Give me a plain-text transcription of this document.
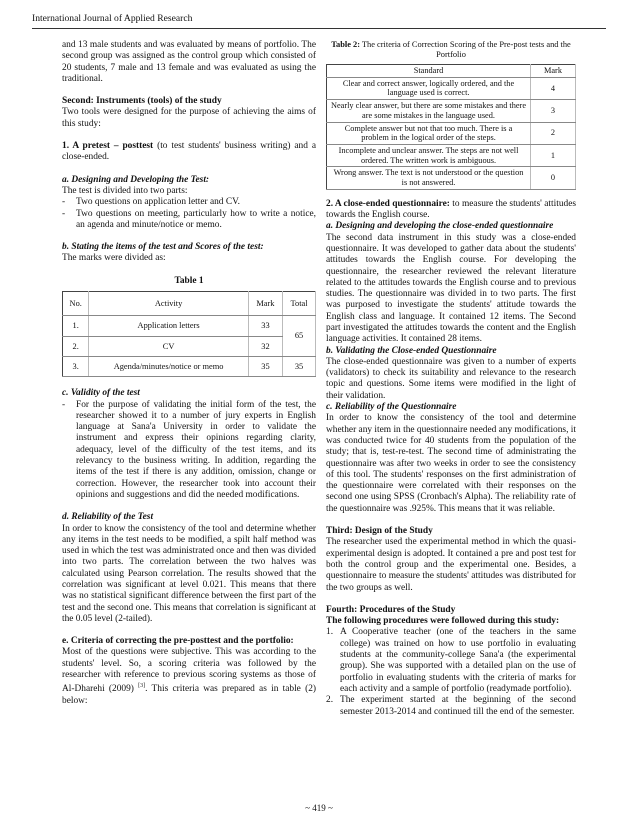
International Journal of Applied Research

and 13 male students and was evaluated by means of portfolio. The second group was assigned as the control group which consisted of 20 students, 7 male and 13 female and was evaluated as using the traditional.

Second: Instruments (tools) of the study

Two tools were designed for the purpose of achieving the aims of this study:

1. A pretest – posttest (to test students' business writing) and a close-ended.

a. Designing and Developing the Test:

The test is divided into two parts:

- Two questions on application letter and CV.
- Two questions on meeting, particularly how to write a notice, an agenda and minute/notice or memo.

b. Stating the items of the test and Scores of the test:

The marks were divided as:

Table 1
No.	Activity	Mark	Total
1.	Application letters	33	65
2.	CV	32	
3.	Agenda/minutes/notice or memo	35	35

c. Validity of the test

- For the purpose of validating the initial form of the test, the researcher showed it to a number of jury experts in English language at Sana'a University in order to validate the instrument and express their opinions regarding clarity, adequacy, level of the difficulty of the test items, and its relevancy to the business writing. In addition, regarding the items of the test if there is any addition, omission, change or correction. However, the researcher took into account their opinions and suggestions and did the needed modifications.

d. Reliability of the Test

In order to know the consistency of the tool and determine whether any items in the test needs to be modified, a spilt half method was used in which the test was administrated once and then was divided into two parts. The correlation between the two halves was calculated using Pearson correlation. The results showed that the correlation was significant at level 0.021. This means that there was no statistical significant difference between the first part of the test and the second one. This means that correlation is significant at the 0.05 level (2-tailed).

e. Criteria of correcting the pre-posttest and the portfolio:

Most of the questions were subjective. This was according to the students' level. So, a scoring criteria was followed by the researcher with reference to previous scoring systems as those of Al-Dharehi (2009) [3]. This criteria was prepared as in table (2) below:

Table 2: The criteria of Correction Scoring of the Pre-post tests and the Portfolio
Standard	Mark
Clear and correct answer, logically ordered, and the language used is correct.	4
Nearly clear answer, but there are some mistakes and there are some mistakes in the language used.	3
Complete answer but not that too much. There is a problem in the logical order of the steps.	2
Incomplete and unclear answer. The steps are not well ordered. The written work is ambiguous.	1
Wrong answer. The text is not understood or the question is not answered.	0

2. A close-ended questionnaire: to measure the students' attitudes towards the English course.

a. Designing and developing the close-ended questionnaire

The second data instrument in this study was a close-ended questionnaire. It was developed to gather data about the students' attitudes towards the English course. For developing the questionnaire, the researcher reviewed the relevant literature related to the attitudes towards the English course and to previous studies. The questionnaire was divided in to two parts. The first was purposed to investigate the students' attitude towards the English class and language. It contained 12 items. The Second part investigated the attitudes towards the content and the English language activities. It contained 28 items.

b. Validating the Close-ended Questionnaire

The close-ended questionnaire was given to a number of experts (validators) to check its suitability and relevance to the research topic and questions. Some items were modified in the light of their validation.

c. Reliability of the Questionnaire

In order to know the consistency of the tool and determine whether any item in the questionnaire needed any modifications, it was conducted twice for 40 students from the population of the study; that is, test-re-test. The second time of administrating the questionnaire was after two weeks in order to see the consistency of this tool. The students' responses on the first administration of the questionnaire were correlated with their responses on the second one using SPSS (Cronbach's Alpha). The reliability rate of the questionnaire was .925%. This means that it was reliable.

Third: Design of the Study

The researcher used the experimental method in which the quasi-experimental design is adopted. It contained a pre and post test for both the control group and the experimental one. Besides, a questionnaire to measure the students' attitudes was distributed for the two groups as well.

Fourth: Procedures of the Study

The following procedures were followed during this study:

1. A Cooperative teacher (one of the teachers in the same college) was trained on how to use portfolio in evaluating students at the community-college Sana'a (the experimental group). She was supported with a detailed plan on the use of portfolio in evaluating students with the criteria of marks for each activity and a sample of portfolio (readymade portfolio).
2. The experiment started at the beginning of the second semester 2013-2014 and continued till the end of the semester.
~ 419 ~
